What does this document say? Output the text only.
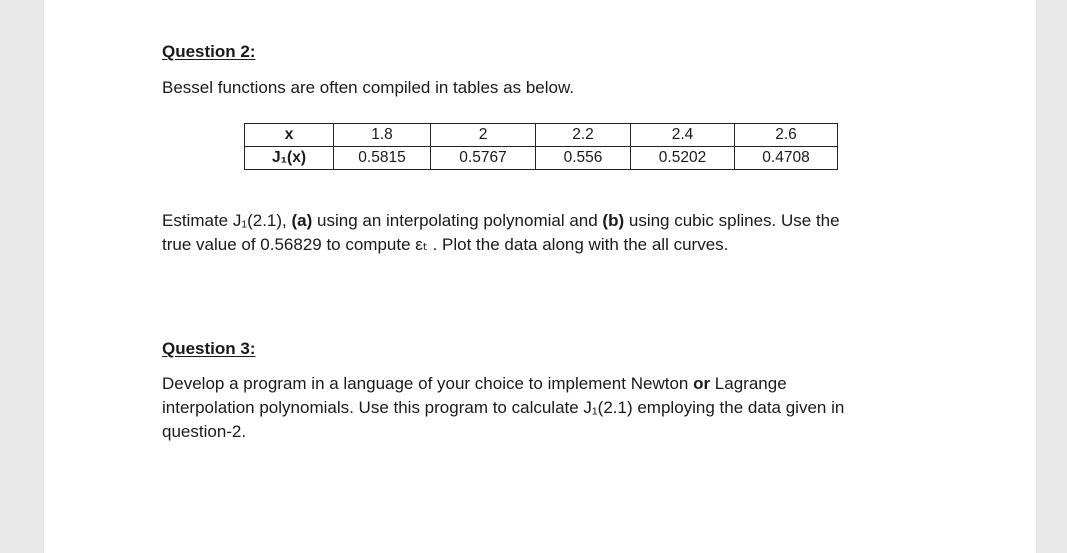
Question 2:
Bessel functions are often compiled in tables as below.
x	1.8	2	2.2	2.4	2.6
J₁(x)	0.5815	0.5767	0.556	0.5202	0.4708
Estimate J₁(2.1), (a) using an interpolating polynomial and (b) using cubic splines. Use the
true value of 0.56829 to compute εₜ . Plot the data along with the all curves.
Question 3:
Develop a program in a language of your choice to implement Newton or Lagrange
interpolation polynomials. Use this program to calculate J₁(2.1) employing the data given in
question-2.
